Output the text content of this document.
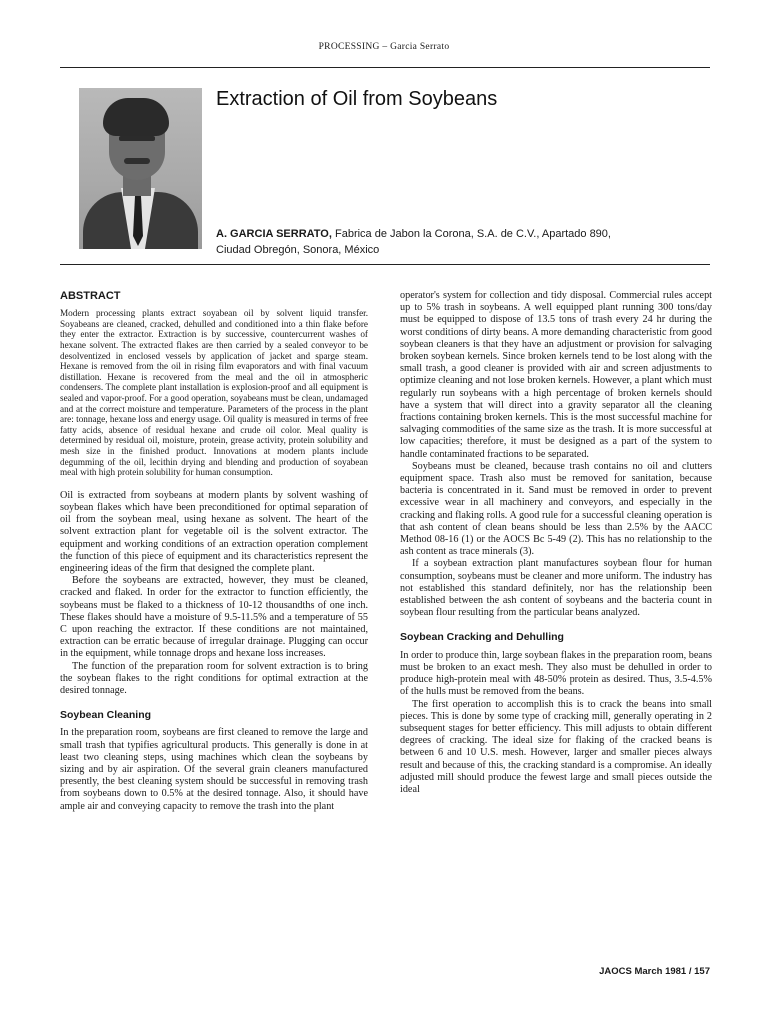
PROCESSING – Garcia Serrato
Extraction of Oil from Soybeans
A. GARCIA SERRATO, Fabrica de Jabon la Corona, S.A. de C.V., Apartado 890,
Ciudad Obregón, Sonora, México
ABSTRACT

Modern processing plants extract soyabean oil by solvent liquid transfer. Soyabeans are cleaned, cracked, dehulled and conditioned into a thin flake before they enter the extractor. Extraction is by successive, countercurrent washes of hexane solvent. The extracted flakes are then carried by a sealed conveyor to be desolventized in enclosed vessels by application of jacket and sparge steam. Hexane is removed from the oil in rising film evaporators and with final vacuum distillation. Hexane is recovered from the meal and the oil in atmospheric condensers. The complete plant installation is explosion-proof and all equipment is sealed and vapor-proof. For a good operation, soyabeans must be clean, undamaged and at the correct moisture and temperature. Parameters of the process in the plant are: tonnage, hexane loss and energy usage. Oil quality is measured in terms of free fatty acids, absence of residual hexane and crude oil color. Meal quality is determined by residual oil, moisture, protein, grease activity, protein solubility and mesh size in the finished product. Innovations at modern plants include degumming of the oil, lecithin drying and blending and production of soyabean meal with high protein solubility for human consumption.

Oil is extracted from soybeans at modern plants by solvent washing of soybean flakes which have been preconditioned for optimal separation of oil from the soybean meal, using hexane as solvent. The heart of the solvent extraction plant for vegetable oil is the solvent extractor. The equipment and working conditions of an extraction operation complement the function of this piece of equipment and its characteristics represent the engineering ideas of the firm that designed the complete plant.

Before the soybeans are extracted, however, they must be cleaned, cracked and flaked. In order for the extractor to function efficiently, the soybeans must be flaked to a thickness of 10-12 thousandths of one inch. These flakes should have a moisture of 9.5-11.5% and a temperature of 55 C upon reaching the extractor. If these conditions are not maintained, extraction can be erratic because of irregular drainage. Plugging can occur in the equipment, while tonnage drops and hexane loss increases.

The function of the preparation room for solvent extraction is to bring the soybean flakes to the right conditions for optimal extraction at the desired tonnage.

Soybean Cleaning

In the preparation room, soybeans are first cleaned to remove the large and small trash that typifies agricultural products. This generally is done in at least two cleaning steps, using machines which clean the soybeans by sizing and by air aspiration. Of the several grain cleaners manufactured presently, the best cleaning system should be successful in removing trash from soybeans down to 0.5% at the desired tonnage. Also, it should have ample air and conveying capacity to remove the trash into the plant

operator's system for collection and tidy disposal. Commercial rules accept up to 5% trash in soybeans. A well equipped plant running 300 tons/day must be equipped to dispose of 13.5 tons of trash every 24 hr during the worst conditions of dirty beans. A more demanding characteristic from good soybean cleaners is that they have an adjustment or provision for salvaging broken soybean kernels. Since broken kernels tend to be lost along with the small trash, a good cleaner is provided with air and screen adjustments to optimize cleaning and not lose broken kernels. However, a plant which must regularly run soybeans with a high percentage of broken kernels should have a system that will direct into a gravity separator all the cleaning fractions containing broken kernels. This is the most successful machine for salvaging commodities of the same size as the trash. It is more successful at low capacities; therefore, it must be designed as a part of the system to handle contaminated fractions to be separated.

Soybeans must be cleaned, because trash contains no oil and clutters equipment space. Trash also must be removed for sanitation, because bacteria is concentrated in it. Sand must be removed in order to prevent excessive wear in all machinery and conveyors, and especially in the cracking and flaking rolls. A good rule for a successful cleaning operation is that ash content of clean beans should be less than 2.5% by the AACC Method 08-16 (1) or the AOCS Bc 5-49 (2). This has no relationship to the ash content as trace minerals (3).

If a soybean extraction plant manufactures soybean flour for human consumption, soybeans must be cleaner and more uniform. The industry has not established this standard definitely, nor has the relationship been established between the ash content of soybeans and the bacteria count in soybean flour resulting from the particular beans analyzed.

Soybean Cracking and Dehulling

In order to produce thin, large soybean flakes in the preparation room, beans must be broken to an exact mesh. They also must be dehulled in order to produce high-protein meal with 48-50% protein as desired. Thus, 3.5-4.5% of the hulls must be removed from the beans.

The first operation to accomplish this is to crack the beans into small pieces. This is done by some type of cracking mill, generally operating in 2 subsequent stages for better efficiency. This mill adjusts to obtain different degrees of cracking. The ideal size for flaking of the cracked beans is between 6 and 10 U.S. mesh. However, larger and smaller pieces always result and because of this, the cracking standard is a compromise. An ideally adjusted mill should produce the fewest large and small pieces outside the ideal

JAOCS March 1981 / 157
